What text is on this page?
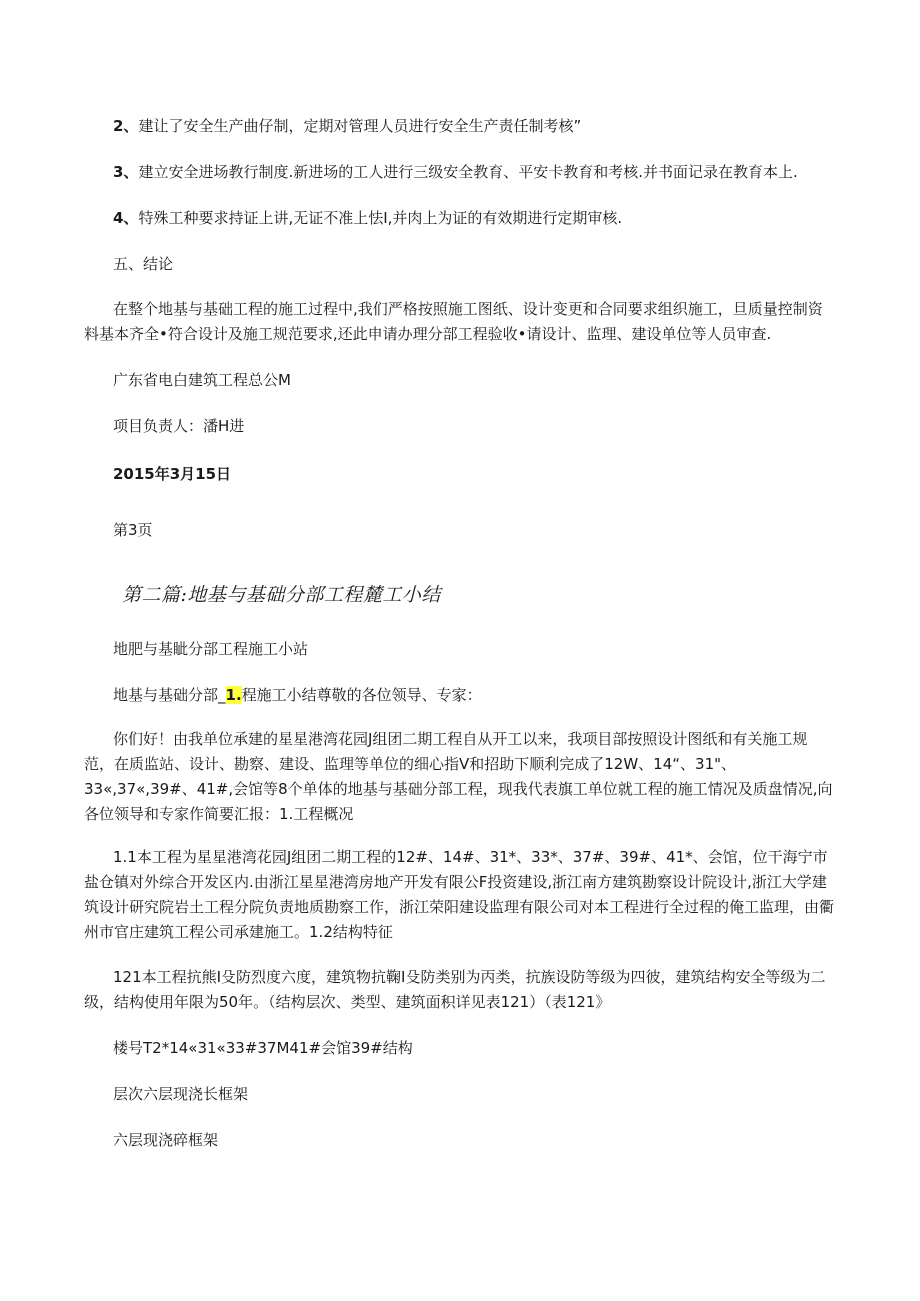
2、建让了安全生产曲仔制，定期对管理人员进行安全生产责任制考核”

3、建立安全进场教行制度.新进场的工人进行三级安全教育、平安卡教育和考核.并书面记录在教育本上.

4、特殊工种要求持证上讲,无证不准上怯I,并肉上为证的有效期进行定期审核.

五、结论

在整个地基与基础工程的施工过程中,我们严格按照施工图纸、设计变更和合同要求组织施工，旦质量控制资料基本齐全•符合设计及施工规范要求,还此申请办理分部工程验收•请设计、监理、建设单位等人员审查.

广东省电白建筑工程总公M

项目负责人：潘H进

2015年3月15日

第3页

第二篇:地基与基础分部工程麓工小结

地肥与基眦分部工程施工小站

地基与基础分部_1.程施工小结尊敬的各位领导、专家：

你们好！由我单位承建的星星港湾花园J组团二期工程自从开工以来，我项目部按照设计图纸和有关施工规范，在质监站、设计、勘察、建设、监理等单位的细心指V和招助下顺利完成了12W、14“、31"、33«,37«,39#、41#,会馆等8个单体的地基与基础分部工程，现我代表旗工单位就工程的施工情况及质盘情况,向各位领导和专家作简要汇报：1.工程概况

1.1本工程为星星港湾花园J组团二期工程的12#、14#、31*、33*、37#、39#、41*、会馆，位干海宁市盐仓镇对外综合开发区内.由浙江星星港湾房地产开发有限公F投资建设,浙江南方建筑勘察设计院设计,浙江大学建筑设计研究院岩土工程分院负责地质勘察工作，浙江荣阳建设监理有限公司对本工程进行全过程的俺工监理，由衢州市官庄建筑工程公司承建施工。1.2结构特征

121本工程抗熊I殳防烈度六度，建筑物抗鞠I殳防类别为丙类，抗族设防等级为四彼，建筑结构安全等级为二级，结构使用年限为50年。（结构层次、类型、建筑面积详见表121）（表121》

楼号T2*14«31«33#37M41#会馆39#结构

层次六层现浇长框架

六层现浇碎框架
